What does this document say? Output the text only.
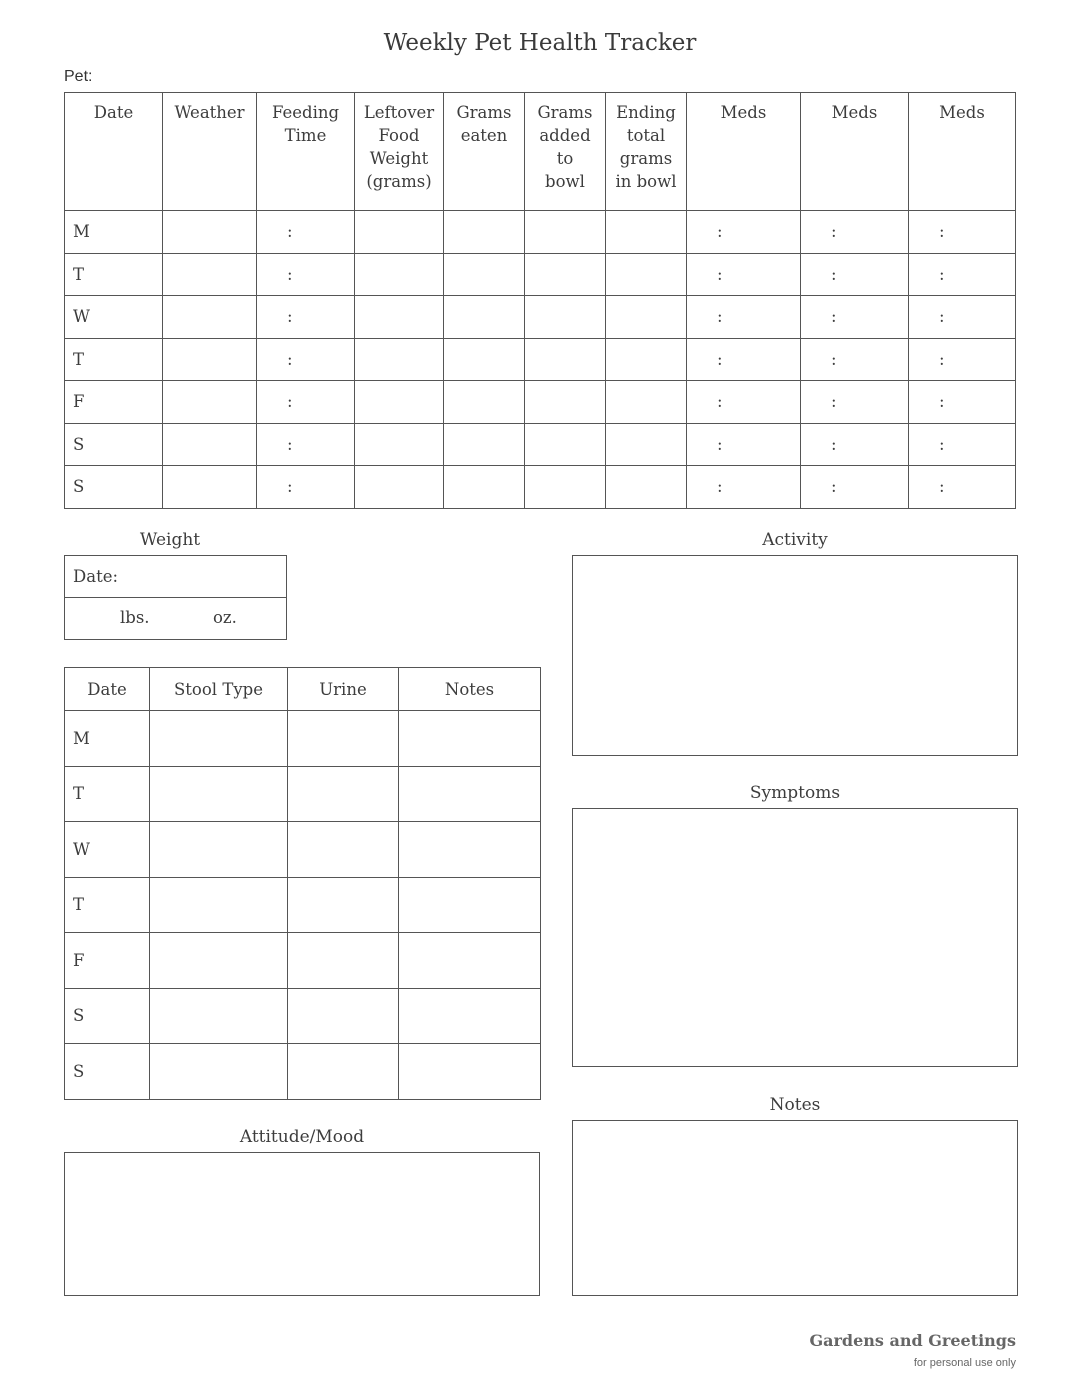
Weekly Pet Health Tracker
Pet:
Date	Weather	Feeding Time	Leftover Food Weight (grams)	Grams eaten	Grams added to bowl	Ending total grams in bowl	Meds	Meds	Meds
M		:					:	:	:
T		:					:	:	:
W		:					:	:	:
T		:					:	:	:
F		:					:	:	:
S		:					:	:	:
S		:					:	:	:
Weight
Date:

lbs.	oz.
Date	Stool Type	Urine	Notes
M			
T			
W			
T			
F			
S			
S			
Attitude/Mood
Activity
Symptoms
Notes
Gardens and Greetings
for personal use only
